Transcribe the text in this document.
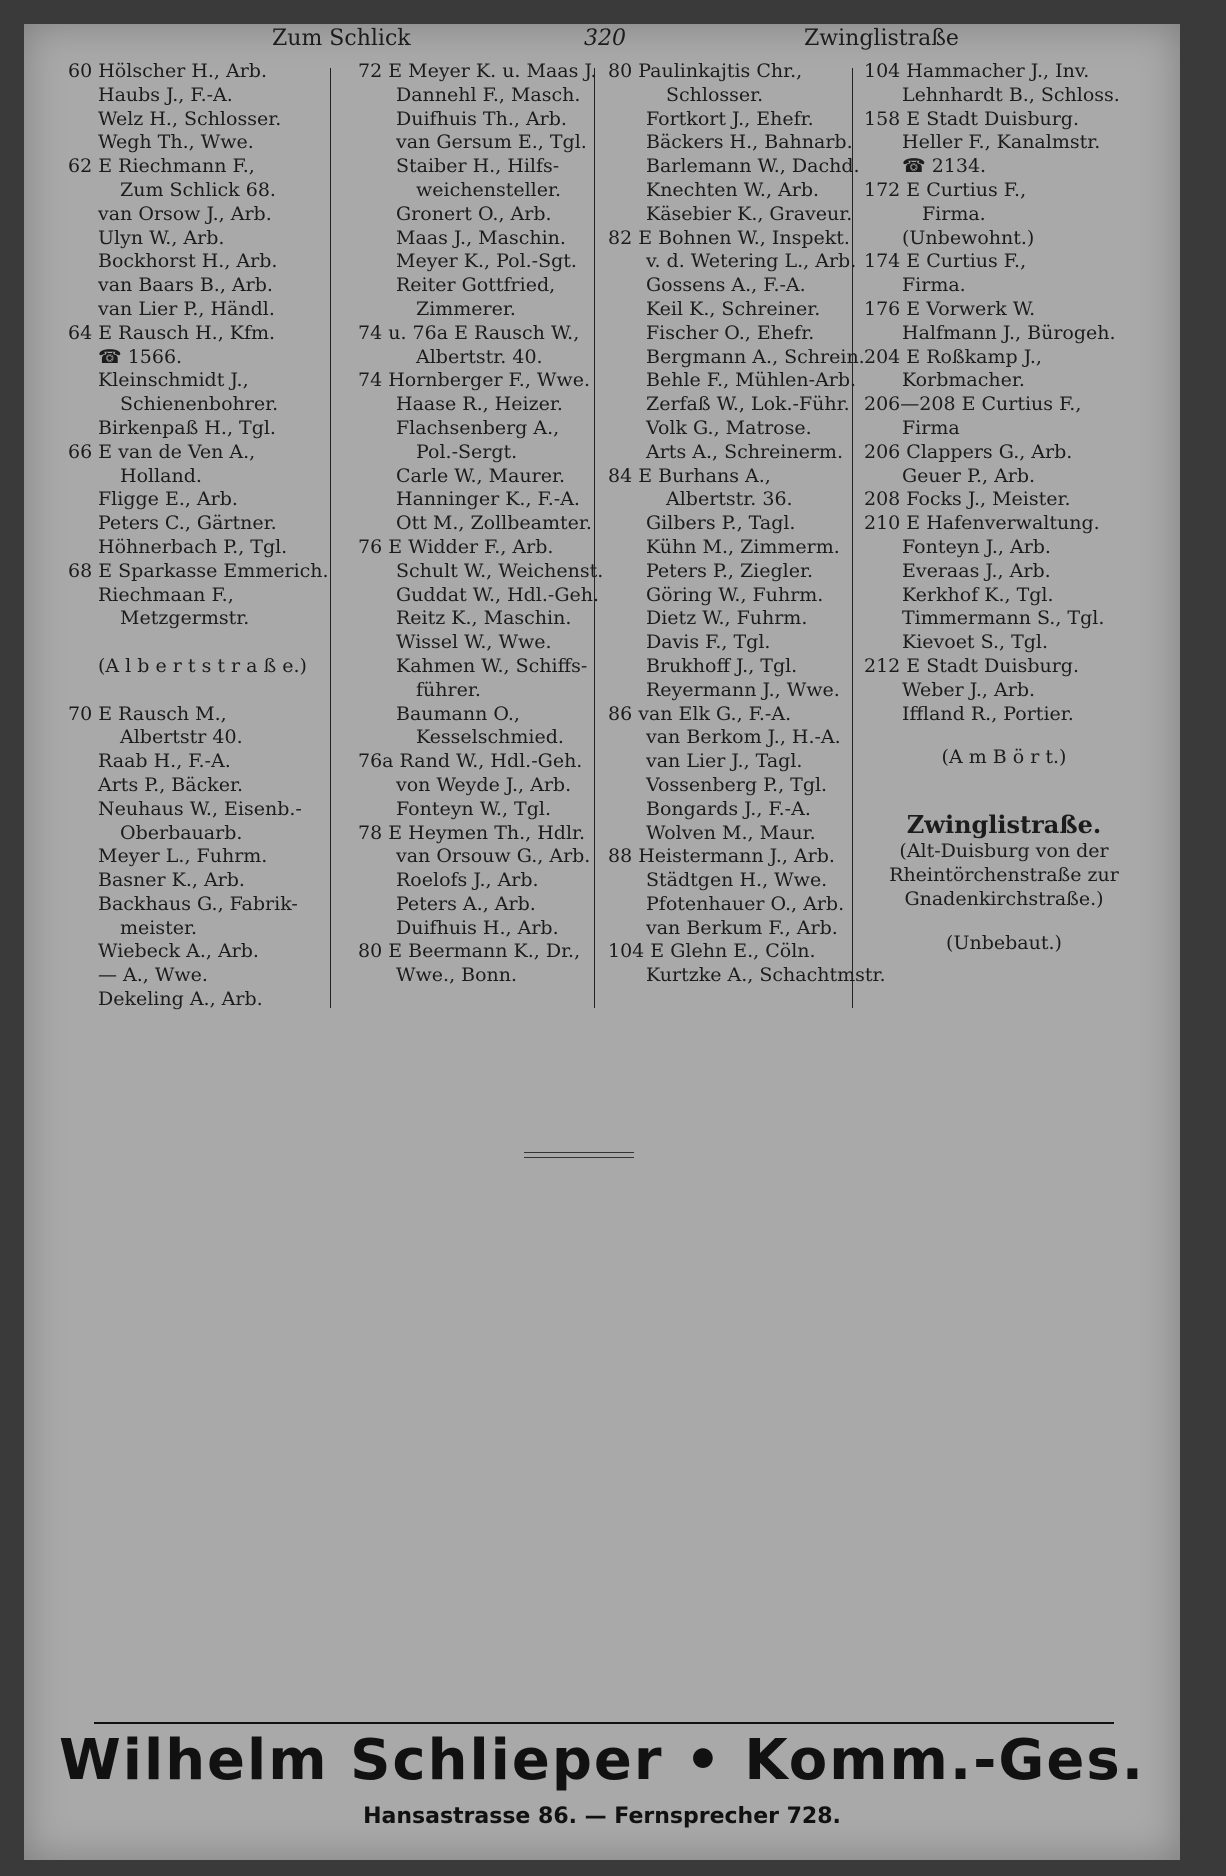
Zum Schlick	320	Zwinglistraße
60 Hölscher H., Arb.
Haubs J., F.-A.
Welz H., Schlosser.
Wegh Th., Wwe.
62 E Riechmann F.,
Zum Schlick 68.
van Orsow J., Arb.
Ulyn W., Arb.
Bockhorst H., Arb.
van Baars B., Arb.
van Lier P., Händl.
64 E Rausch H., Kfm.
☎ 1566.
Kleinschmidt J.,
Schienenbohrer.
Birkenpaß H., Tgl.
66 E van de Ven A.,
Holland.
Fligge E., Arb.
Peters C., Gärtner.
Höhnerbach P., Tgl.
68 E Sparkasse Emmerich.
Riechmaan F.,
Metzgermstr.

(A l b e r t s t r a ß e.)

70 E Rausch M.,
Albertstr 40.
Raab H., F.-A.
Arts P., Bäcker.
Neuhaus W., Eisenb.-
Oberbauarb.
Meyer L., Fuhrm.
Basner K., Arb.
Backhaus G., Fabrik-
meister.
Wiebeck A., Arb.
— A., Wwe.
Dekeling A., Arb.
72 E Meyer K. u. Maas J.
Dannehl F., Masch.
Duifhuis Th., Arb.
van Gersum E., Tgl.
Staiber H., Hilfs-
weichensteller.
Gronert O., Arb.
Maas J., Maschin.
Meyer K., Pol.-Sgt.
Reiter Gottfried,
Zimmerer.
74 u. 76a E Rausch W.,
Albertstr. 40.
74 Hornberger F., Wwe.
Haase R., Heizer.
Flachsenberg A.,
Pol.-Sergt.
Carle W., Maurer.
Hanninger K., F.-A.
Ott M., Zollbeamter.
76 E Widder F., Arb.
Schult W., Weichenst.
Guddat W., Hdl.-Geh.
Reitz K., Maschin.
Wissel W., Wwe.
Kahmen W., Schiffs-
führer.
Baumann O.,
Kesselschmied.
76a Rand W., Hdl.-Geh.
von Weyde J., Arb.
Fonteyn W., Tgl.
78 E Heymen Th., Hdlr.
van Orsouw G., Arb.
Roelofs J., Arb.
Peters A., Arb.
Duifhuis H., Arb.
80 E Beermann K., Dr.,
Wwe., Bonn.
80 Paulinkajtis Chr.,
Schlosser.
Fortkort J., Ehefr.
Bäckers H., Bahnarb.
Barlemann W., Dachd.
Knechten W., Arb.
Käsebier K., Graveur.
82 E Bohnen W., Inspekt.
v. d. Wetering L., Arb.
Gossens A., F.-A.
Keil K., Schreiner.
Fischer O., Ehefr.
Bergmann A., Schrein.
Behle F., Mühlen-Arb.
Zerfaß W., Lok.-Führ.
Volk G., Matrose.
Arts A., Schreinerm.
84 E Burhans A.,
Albertstr. 36.
Gilbers P., Tagl.
Kühn M., Zimmerm.
Peters P., Ziegler.
Göring W., Fuhrm.
Dietz W., Fuhrm.
Davis F., Tgl.
Brukhoff J., Tgl.
Reyermann J., Wwe.
86 van Elk G., F.-A.
van Berkom J., H.-A.
van Lier J., Tagl.
Vossenberg P., Tgl.
Bongards J., F.-A.
Wolven M., Maur.
88 Heistermann J., Arb.
Städtgen H., Wwe.
Pfotenhauer O., Arb.
van Berkum F., Arb.
104 E Glehn E., Cöln.
Kurtzke A., Schachtmstr.
104 Hammacher J., Inv.
Lehnhardt B., Schloss.
158 E Stadt Duisburg.
Heller F., Kanalmstr.
☎ 2134.
172 E Curtius F.,
Firma.
(Unbewohnt.)
174 E Curtius F.,
Firma.
176 E Vorwerk W.
Halfmann J., Bürogeh.
204 E Roßkamp J.,
Korbmacher.
206—208 E Curtius F.,
Firma
206 Clappers G., Arb.
Geuer P., Arb.
208 Focks J., Meister.
210 E Hafenverwaltung.
Fonteyn J., Arb.
Everaas J., Arb.
Kerkhof K., Tgl.
Timmermann S., Tgl.
Kievoet S., Tgl.
212 E Stadt Duisburg.
Weber J., Arb.
Iffland R., Portier.
(A m B ö r t.)
Zwinglistraße.
(Alt-Duisburg von der
Rheintörchenstraße zur
Gnadenkirchstraße.)
(Unbebaut.)
Wilhelm Schlieper • Komm.-Ges.
Hansastrasse 86. — Fernsprecher 728.
